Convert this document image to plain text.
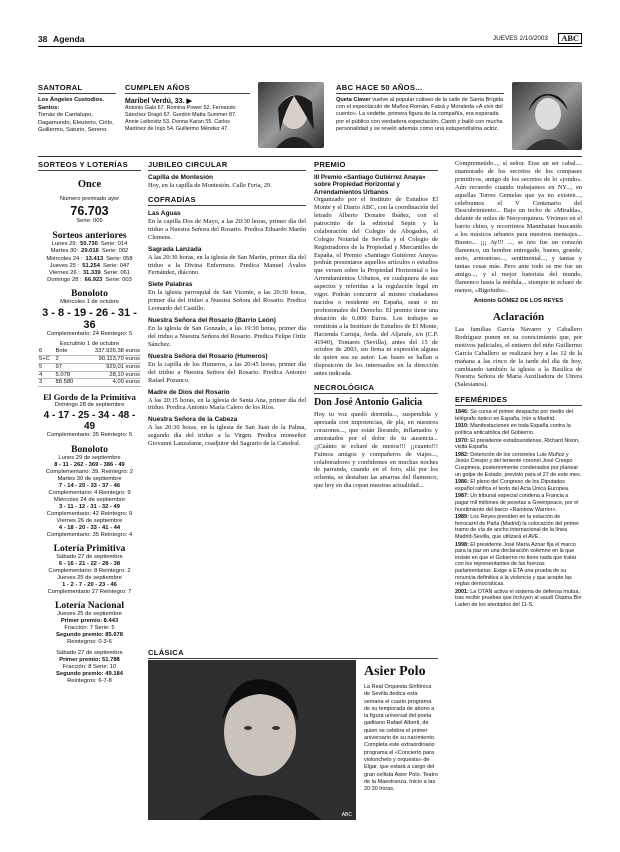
38 Agenda	JUEVES 2/10/2003	ABC
SANTORAL
Los Ángeles Custodios. Santos:
Tomás de Cantalupo, Dagamundo, Eleuterio, Cirilo, Guillermo, Saturio, Sereno.
CUMPLEN AÑOS
Maribel Verdú, 33. ▶
Antonio Gala 67. Romina Power 52. Fernando Sánchez Dragó 67. Gordon Matta Summer 87. Annie Leibovitz 53. Donna Karan 55. Carlos Martínez de Irujo 54. Guillermo Méndez 47.
ABC HACE 50 AÑOS...
Queta Claver vuelve al popular coliseo de la calle de Santa Brígida con el espectáculo de Muñoz Román, Faixá y Moraleda «A vivir del cuento». La vedette, primera figura de la compañía, era esperada por el público con verdadera expectación. Cantó y bailó con mucha personalidad y se reveló además como una estupendísima actriz.
SORTEOS Y LOTERÍAS
Once
Número premiado ayer
76.703
Serie: 005
Sorteos anteriores
Lunes 29: 50.730 Serie: 014
Martes 30: 29.016 Serie: 002
Miércoles 24 : 13.413 Serie: 058
Jueves 25 : 51.254 Serie: 047
Viernes 26 : 31.339 Serie: 061
Domingo 28 : 66.923 Serie: 003
Bonoloto
Miércoles 1 de octubre
3 - 8 - 19 - 26 - 31 - 36
Complementario: 24 Reintegro: 5
Escrutinio 1 de octubre
6	Bote	337.926,38 euros
5+C	2	90.113,70 euros
5	97	929,01 euros
4	5.078	28,10 euros
3	88.580	4,00 euros
El Gordo de la Primitiva
Domingo 28 de septiembre
4 - 17 - 25 - 34 - 48 - 49
Complementario: 35 Reintegro: 5
Bonoloto
Lunes 29 de septiembre
8 - 11 - 262 - 369 - 386 - 49
Complementario: 39. Reintegro: 2
Martes 30 de septiembre
7 - 14 - 20 - 33 - 37 - 46
Complementario: 4 Reintegro: 9
Miércoles 24 de septiembre
3 - 11 - 12 - 31 - 32 - 49
Complementario: 42 Reintegro: 9
Viernes 26 de septiembre
4 - 18 - 20 - 33 - 41 - 44
Complementario: 35 Reintegro: 4
Lotería Primitiva
Sábado 27 de septiembre
6 - 16 - 21 - 22 - 28 - 38
Complementario: 8 Reintegro: 2
Jueves 25 de septiembre
1 - 2 - 7 - 20 - 23 - 46
Complementario 27 Reintegro: 7
Lotería Nacional
Jueves 25 de septiembre
Primer premio: 8.443
Fracción: 7 Serie: 5
Segundo premio: 85.678
Reintegros: 0-3-6
Sábado 27 de septiembre
Primer premio: 51.788
Fracción: 8 Serie: 10
Segundo premio: 49.184
Reintegros: 6-7-8
JUBILEO CIRCULAR
Capilla de Montesión
Hoy, en la capilla de Montesión. Calle Feria, 29.
COFRADÍAS
Las Aguas
En la capilla Dos de Mayo, a las 20:30 horas, primer día del triduo a Nuestra Señora del Rosario. Predica Eduardo Martín Clemens.
Sagrada Lanzada
A las 20:30 horas, en la iglesia de San Martín, primer día del triduo a la Divina Enfermera. Predica Manuel Ávalos Fernández, diácono.
Siete Palabras
En la iglesia parroquial de San Vicente, a las 20:30 horas, primer día del triduo a Nuestra Señora del Rosario. Predica Leonardo del Castillo.
Nuestra Señora del Rosario (Barrio León)
En la iglesia de San Gonzalo, a las 19:30 horas, primer día del triduo a Nuestra Señora del Rosario. Predica Felipe Ortiz Sánchez.
Nuestra Señora del Rosario (Humeros)
En la capilla de los Humeros, a las 20:45 horas, primer día del triduo a Nuestra Señora del Rosario. Predica Antonio Rafael Pozanco.
Madre de Dios del Rosario
A las 20:15 horas, en la iglesia de Santa Ana, primer día del triduo. Predica Antonio María Calero de los Ríos.
Nuestra Señora de la Cabeza
A las 20:30 horas, en la iglesia de San Juan de la Palma, segundo día del triduo a la Virgen. Predica monseñor Giovanni Lanzafame, coadjutor del Sagrario de la Catedral.
PREMIO
III Premio «Santiago Gutiérrez Anaya» sobre Propiedad Horizontal y Arrendamientos Urbanos
Organizado por el Instituto de Estudios El Monte y el Diario ABC, con la coordinación del letrado Alberto Donaire Ibáñez, con el patrocinio de la editorial Sepin y la colaboración del Colegio de Abogados, el Colegio Notarial de Sevilla y el Colegio de Registradores de la Propiedad y Mercantiles de España, el Premio «Santiago Gutiérrez Anaya» podrán presentarse aquellos artículos o estudios que versen sobre la Propiedad Horizontal o los Arrendamientos Urbanos, en cualquiera de sus aspectos y referidas a la regulación legal en vigor. Podrán concurrir al mismo ciudadanos nacidos o residente en España, sean o no profesionales del Derecho. El premio tiene una dotación de 6.000 Euros. Los trabajos se remitirán a la Instituto de Estudios de El Monte, Hacienda Cartuja, Avda. del Aljarafe, s/n (C.P. 41940), Tomares (Sevilla), antes del 15 de octubre de 2003, sin firma ni expresión alguna de quien sea su autor. Las bases se hallan a disposición de los interesados en la dirección antes indicada.
NECROLÓGICA
Don José Antonio Galicia
Hoy tu voz quedó dormida..., suspendida y apresada con impotencias, de pla, en nuestros corazones..., que están llorando, inflamados y amoratados por el dolor de tu ausencia... ¡¡Cuánto te echaré de menos!!! ¡¡cuanto!!! Fuimos amigos y compañeros de viajes..., colaboradores y confidentes en muchas noches de parranda, cuando en el foro, allá por los ochenta, se destaban las amarras del flamenco, que hoy en día copan nuestras actualidad...
Compremetido..., sí señor. Eras un ser cabal.... enamorado de los secretos de los compases primitivos, amigo de los secretos de lo «jondo». Aún recuerdo cuando trabajamos en NY..., en aquellas Torres Gemelas que ya no existen..., celebramos el V Centenario del Descubrimiento... Bajo un techo de «Miralda», delante de miles de Neoyorquinos. Vivimos en el barrio chino, y recorrimos Mannhatan buscando a los músicos urbanos para nuestros mensajes... Bueno... ¡¡¡ Ay!!! ..., se nos fue un corazón flamenco, un hombre entregado, bueno, grande, serio, armonioso..., sentimental..., y tantas y tantas cosas más. Pero ante todo se me fue un amigo..., y el mejor baterista del mundo, flamenco hasta la médula... siempre te echaré de menos, «Bigotudo»..
Antonio GÓMEZ DE LOS REYES
Aclaración
Las familias García Navarro y Caballero Rodríguez ponen en su conocimiento que, por motivos judiciales, el entierro del niño Guillermo García Caballero se realizará hoy a las 12 de la mañana a las cinco de la tarde del día de hoy, cambiando también la iglesia a la Basílica de Nuestra Señora de María Auxiliadora de Utrera (Salesianos).
EFEMÉRIDES

1846: Se cursa el primer despacho por medio del telégrafo óptico en España, Irún a Madrid.

1910: Manifestaciones en toda España contra la política anticatólica del Gobierno.

1970: El presidente estadounidense, Richard Nixon, visita España.

1982: Detención de los coroneles Luis Muñoz y Jesús Crespo y del teniente coronel José Crespo Cuspinera, posteriormente condenados por planear un golpe de Estado, previsto para el 27 de este mes.

1986: El pleno del Congreso de los Diputados español ratifica el texto del Acta Única Europea.

1987: Un tribunal especial condena a Francia a pagar mil millones de pesetas a Greenpeace, por el hundimiento del barco «Rainbow Warrior».

1989: Los Reyes presiden en la estación de ferrocarril de Parla (Madrid) la colocación del primer tramo de vía de ancho internacional de la línea Madrid-Sevilla, que utilizará el AVE.

1998: El presidente José María Aznar fija el marco para la paz en una declaración solemne en la que insiste en que el Gobierno no tiene nada que tratar con los representantes de las fuerzas parlamentarias. Exige a ETA una prueba de su renuncia definitiva a la violencia y que acepte las reglas democráticas.

2001: La OTAN activa el sistema de defensa mutua, tras recibir pruebas que incluyen al saudí Osama Bin Laden de los atentados del 11-S.

CLÁSICA
ABC
Asier Polo
La Real Orquesta Sinfónica de Sevilla dedica esta semana el cuarto programa de su temporada de abono a la figura universal del poeta gaditano Rafael Alberti, de quien se celebra el primer aniversario de su nacimiento. Completa este extraordinario programa el «Concierto para violonchelo y orquesta» de Elgar, que estará a cargo del gran cellista Asier Polo. Teatro de la Maestranza. Inicio a las 20:30 horas.
